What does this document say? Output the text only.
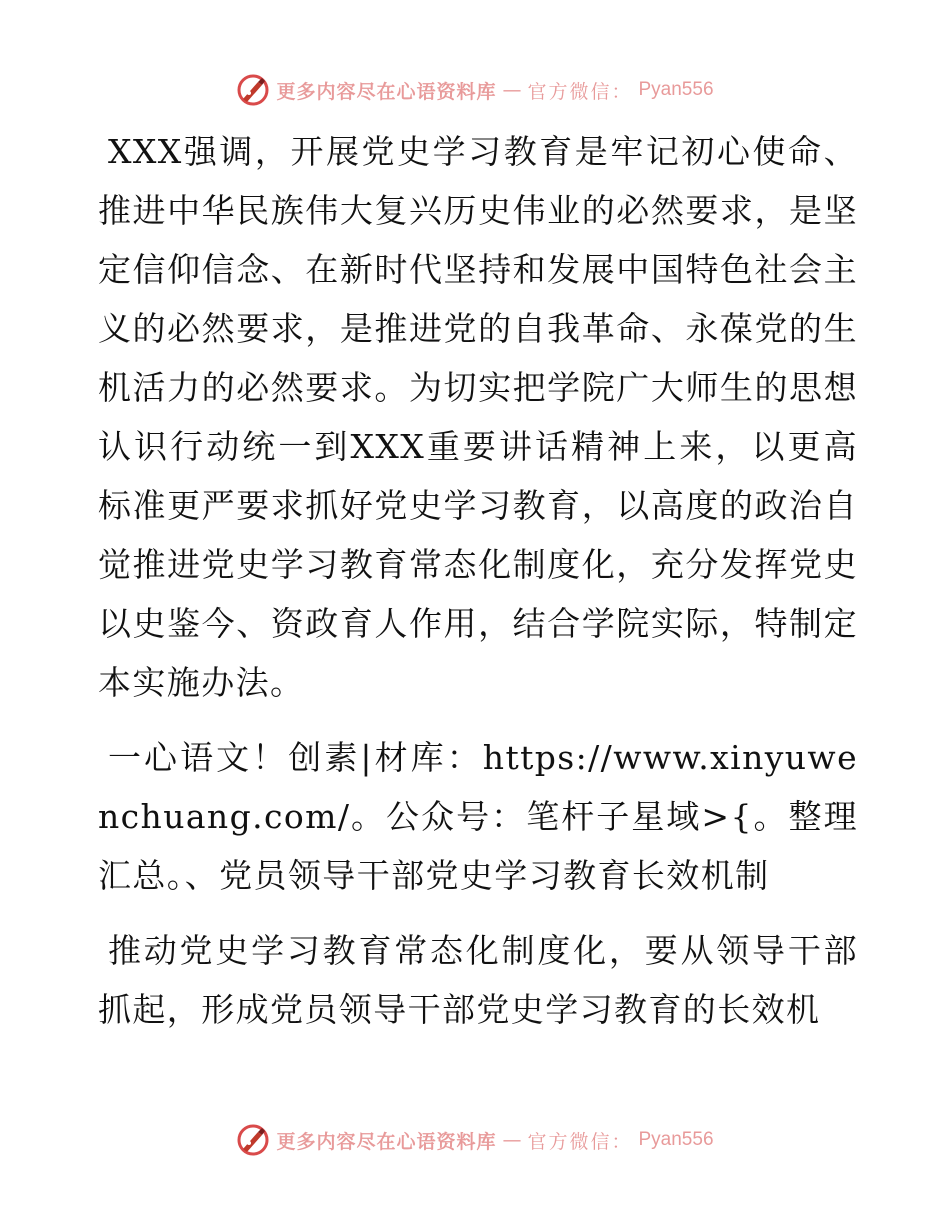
更多内容尽在心语资料库 — 官方微信： Pyan556

XXX强调，开展党史学习教育是牢记初心使命、推进中华民族伟大复兴历史伟业的必然要求，是坚定信仰信念、在新时代坚持和发展中国特色社会主义的必然要求，是推进党的自我革命、永葆党的生机活力的必然要求。为切实把学院广大师生的思想认识行动统一到XXX重要讲话精神上来，以更高标准更严要求抓好党史学习教育，以高度的政治自觉推进党史学习教育常态化制度化，充分发挥党史以史鉴今、资政育人作用，结合学院实际，特制定本实施办法。

一心语文！创素|材库：https://www.xinyuwenchuang.com/。公众号：笔杆子星域>{。整理汇总。、党员领导干部党史学习教育长效机制

推动党史学习教育常态化制度化，要从领导干部抓起，形成党员领导干部党史学习教育的长效机

更多内容尽在心语资料库 — 官方微信： Pyan556
